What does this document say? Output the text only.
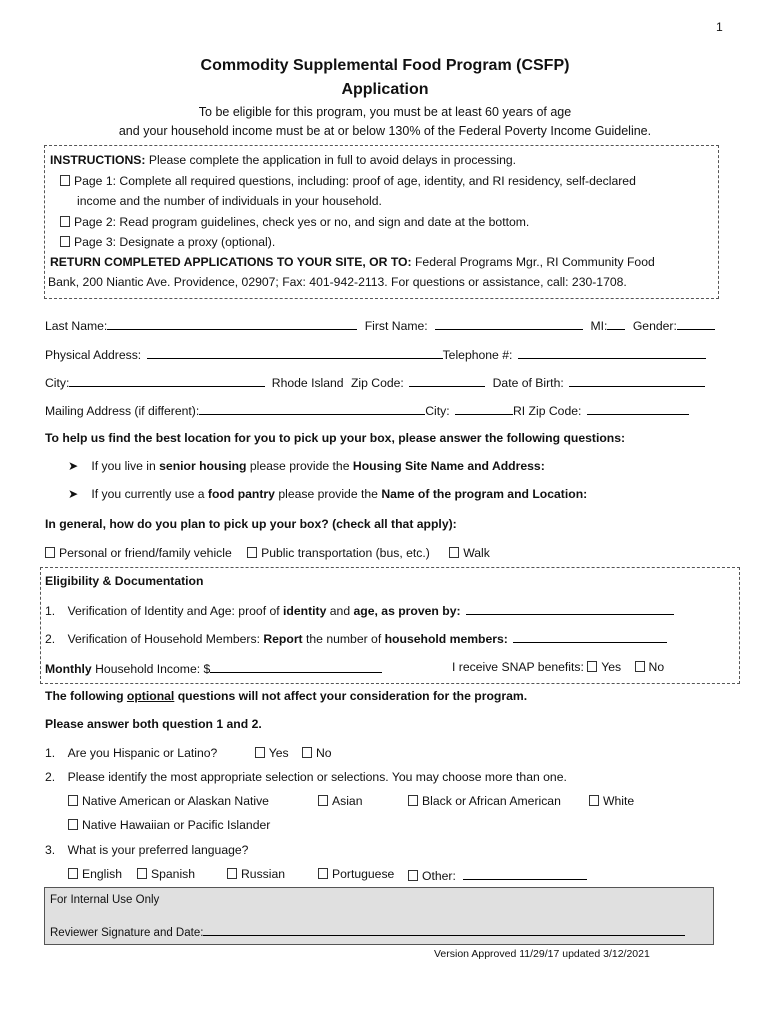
1
Commodity Supplemental Food Program (CSFP)
Application
To be eligible for this program, you must be at least 60 years of age
and your household income must be at or below 130% of the Federal Poverty Income Guideline.
INSTRUCTIONS: Please complete the application in full to avoid delays in processing.
Page 1: Complete all required questions, including: proof of age, identity, and RI residency, self-declared
income and the number of individuals in your household.
Page 2: Read program guidelines, check yes or no, and sign and date at the bottom.
Page 3: Designate a proxy (optional).
RETURN COMPLETED APPLICATIONS TO YOUR SITE, OR TO: Federal Programs Mgr., RI Community Food
Bank, 200 Niantic Ave. Providence, 02907; Fax: 401-942-2113. For questions or assistance, call: 230-1708.
Last Name:	First Name:	MI: Gender:
Physical Address:	Telephone #:
City:	Rhode Island Zip Code:	Date of Birth:
Mailing Address (if different):	City:	RI Zip Code:
To help us find the best location for you to pick up your box, please answer the following questions:
➤ If you live in senior housing please provide the Housing Site Name and Address:
➤ If you currently use a food pantry please provide the Name of the program and Location:
In general, how do you plan to pick up your box? (check all that apply):
Personal or friend/family vehicle Public transportation (bus, etc.)	Walk
Eligibility & Documentation
1. Verification of Identity and Age: proof of identity and age, as proven by:
2. Verification of Household Members: Report the number of household members:
Monthly Household Income: $	I receive SNAP benefits: Yes No
The following optional questions will not affect your consideration for the program.
Please answer both question 1 and 2.
1. Are you Hispanic or Latino?	Yes No
2. Please identify the most appropriate selection or selections. You may choose more than one.
Native American or Alaskan Native	Asian	Black or African American	White
Native Hawaiian or Pacific Islander
3. What is your preferred language?
English	Spanish	Russian	Portuguese	Other:
For Internal Use Only
Reviewer Signature and Date:
Version Approved 11/29/17 updated 3/12/2021
